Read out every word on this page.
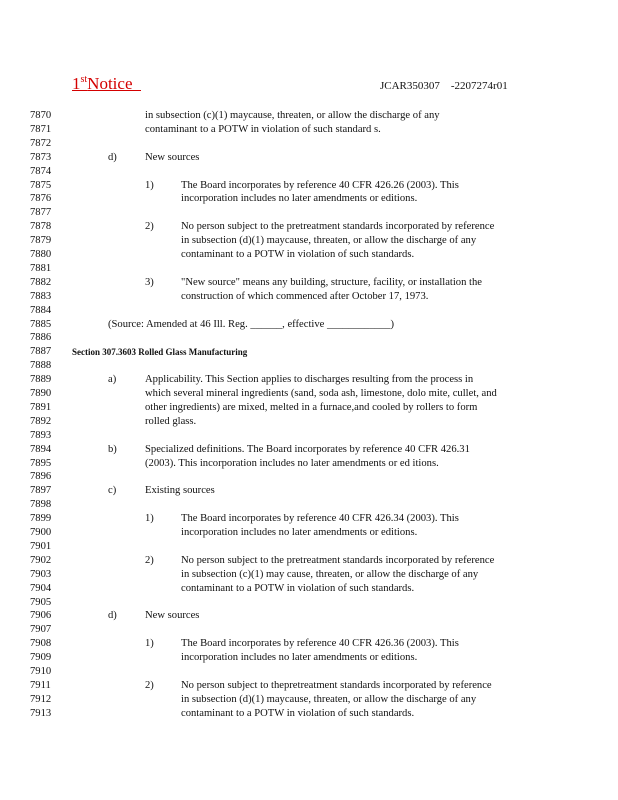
1stNotice	JCAR350307    -2207274r01
7870	in subsection (c)(1) maycause, threaten, or allow the discharge of any
7871	contaminant to a POTW in violation of such standard s.
7872
7873	d)	New sources
7874
7875	1)	The Board incorporates by reference 40 CFR 426.26 (2003). This
7876	incorporation includes no later amendments or editions.
7877
7878	2)	No person subject to the pretreatment standards incorporated by reference
7879	in subsection (d)(1) maycause, threaten, or allow the discharge of any
7880	contaminant to a POTW in violation of such standards.
7881
7882	3)	"New source" means any building, structure, facility, or installation the
7883	construction of which commenced after October 17, 1973.
7884
7885	(Source: Amended at 46 Ill. Reg. ______, effective ____________)
7886
7887	Section 307.3603 Rolled Glass Manufacturing
7888
7889	a)	Applicability. This Section applies to discharges resulting from the process in
7890	which several mineral ingredients (sand, soda ash, limestone, dolo mite, cullet, and
7891	other ingredients) are mixed, melted in a furnace,and cooled by rollers to form
7892	rolled glass.
7893
7894	b)	Specialized definitions. The Board incorporates by reference 40 CFR 426.31
7895	(2003). This incorporation includes no later amendments or ed itions.
7896
7897	c)	Existing sources
7898
7899	1)	The Board incorporates by reference 40 CFR 426.34 (2003). This
7900	incorporation includes no later amendments or editions.
7901
7902	2)	No person subject to the pretreatment standards incorporated by reference
7903	in subsection (c)(1) may cause, threaten, or allow the discharge of any
7904	contaminant to a POTW in violation of such standards.
7905
7906	d)	New sources
7907
7908	1)	The Board incorporates by reference 40 CFR 426.36 (2003). This
7909	incorporation includes no later amendments or editions.
7910
7911	2)	No person subject to thepretreatment standards incorporated by reference
7912	in subsection (d)(1) maycause, threaten, or allow the discharge of any
7913	contaminant to a POTW in violation of such standards.
